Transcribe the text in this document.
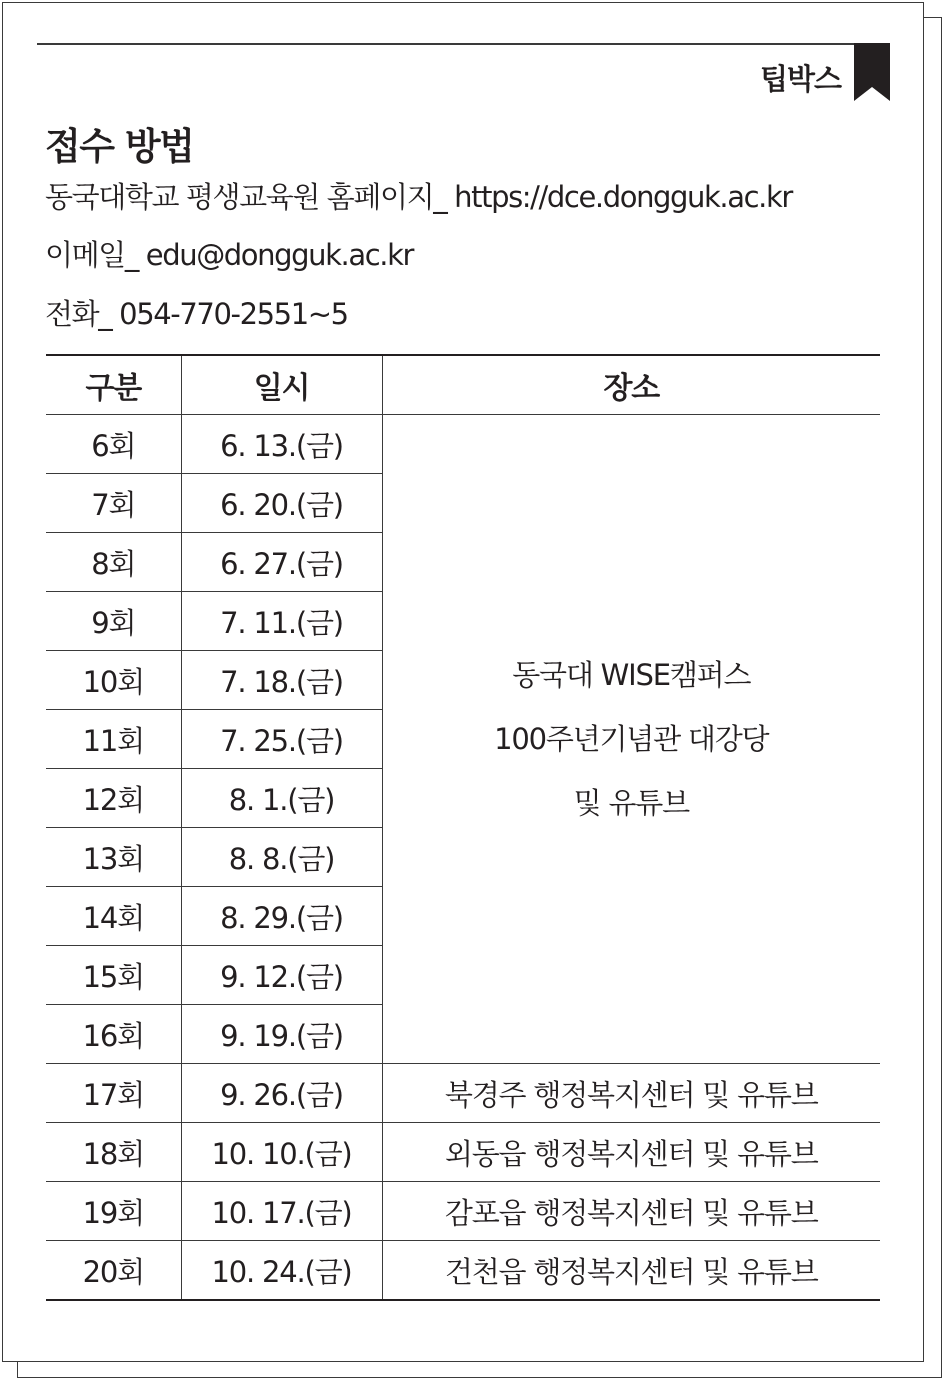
팁박스
접수 방법
동국대학교 평생교육원 홈페이지_ https://dce.dongguk.ac.kr
이메일_ edu@dongguk.ac.kr
전화_ 054-770-2551~5
구분	일시	장소
6회	6. 13.(금)	동국대 WISE캠퍼스
100주년기념관 대강당
및 유튜브

7회	6. 20.(금)	
8회	6. 27.(금)	
9회	7. 11.(금)	
10회	7. 18.(금)	
11회	7. 25.(금)	
12회	8. 1.(금)	
13회	8. 8.(금)	
14회	8. 29.(금)	
15회	9. 12.(금)	
16회	9. 19.(금)	
17회	9. 26.(금)	북경주 행정복지센터 및 유튜브
18회	10. 10.(금)	외동읍 행정복지센터 및 유튜브
19회	10. 17.(금)	감포읍 행정복지센터 및 유튜브
20회	10. 24.(금)	건천읍 행정복지센터 및 유튜브
